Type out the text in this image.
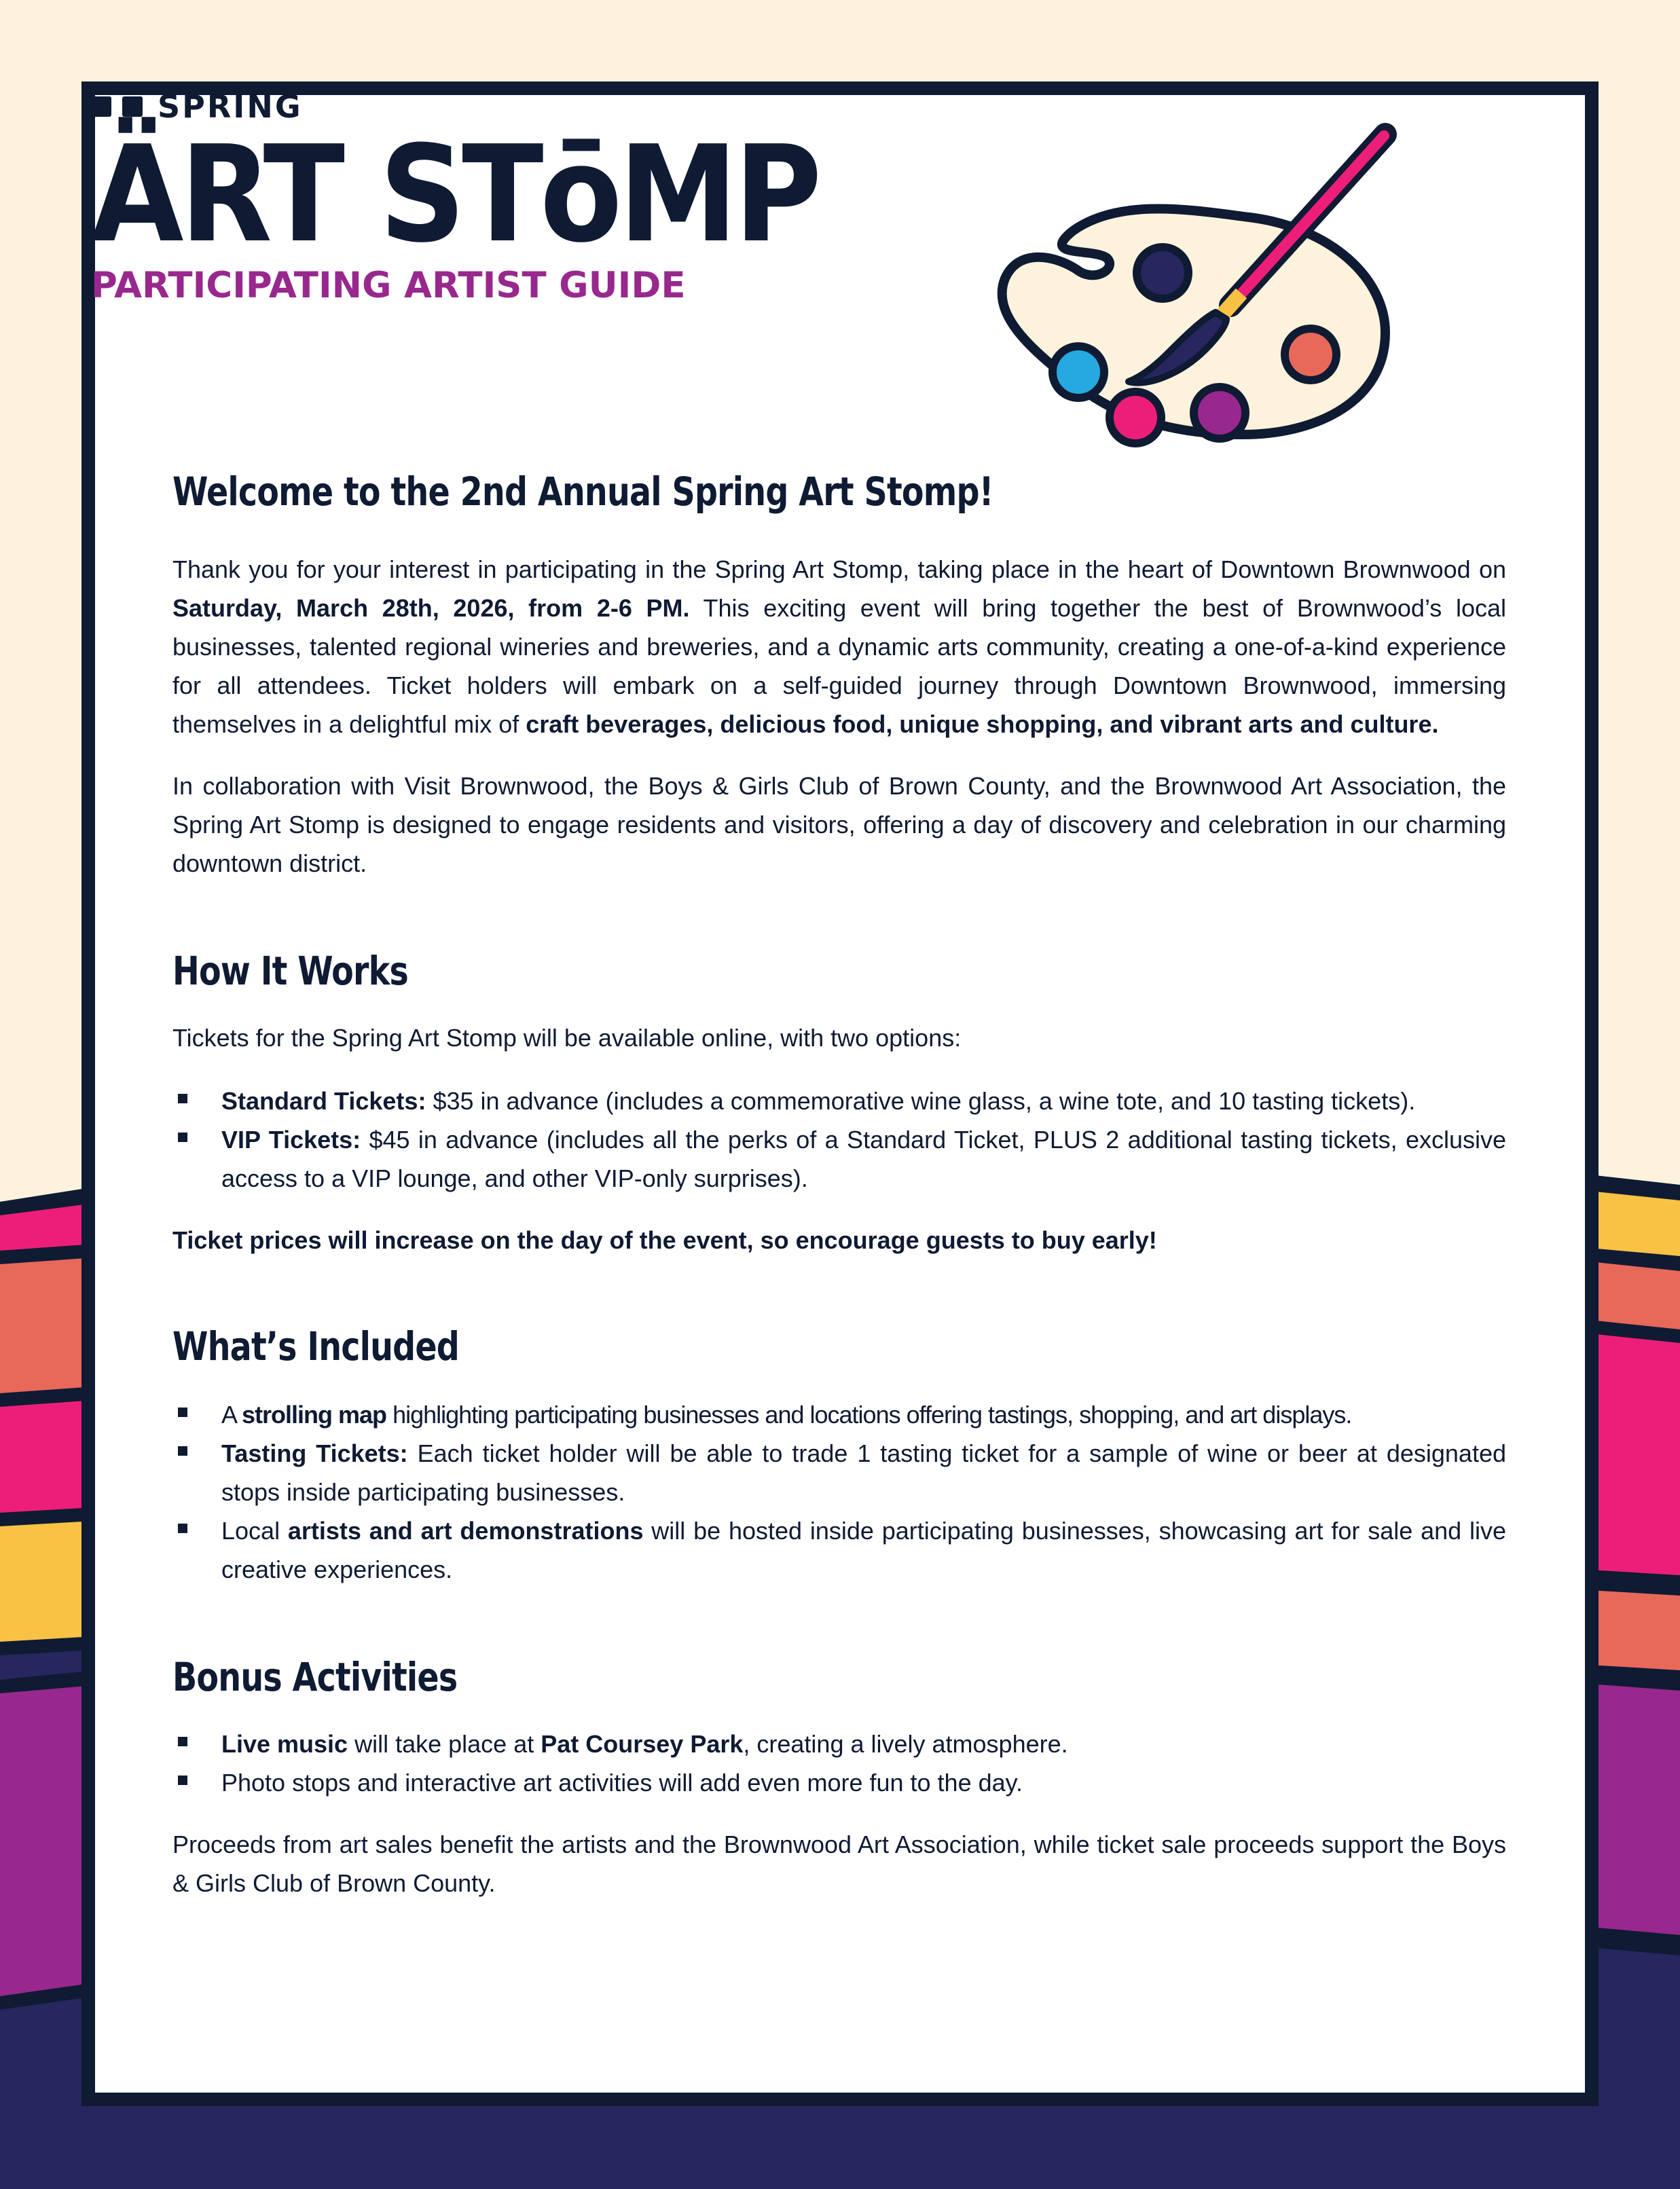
SPRING
ÄRT STōMP
PARTICIPATING ARTIST GUIDE
Welcome to the 2nd Annual Spring Art Stomp!

Thank you for your interest in participating in the Spring Art Stomp, taking place in the heart of Downtown Brownwood on Saturday, March 28th, 2026, from 2-6 PM. This exciting event will bring together the best of Brownwood’s local businesses, talented regional wineries and breweries, and a dynamic arts community, creating a one-of-a-kind experience for all attendees. Ticket holders will embark on a self-guided journey through Downtown Brownwood, immersing themselves in a delightful mix of craft beverages, delicious food, unique shopping, and vibrant arts and culture.

In collaboration with Visit Brownwood, the Boys & Girls Club of Brown County, and the Brownwood Art Association, the Spring Art Stomp is designed to engage residents and visitors, offering a day of discovery and celebration in our charming downtown district.

How It Works

Tickets for the Spring Art Stomp will be available online, with two options:

Standard Tickets: $35 in advance (includes a commemorative wine glass, a wine tote, and 10 tasting tickets).
VIP Tickets: $45 in advance (includes all the perks of a Standard Ticket, PLUS 2 additional tasting tickets, exclusive access to a VIP lounge, and other VIP-only surprises).

Ticket prices will increase on the day of the event, so encourage guests to buy early!

What’s Included
A strolling map highlighting participating businesses and locations offering tastings, shopping, and art displays.
Tasting Tickets: Each ticket holder will be able to trade 1 tasting ticket for a sample of wine or beer at designated stops inside participating businesses.
Local artists and art demonstrations will be hosted inside participating businesses, showcasing art for sale and live creative experiences.
Bonus Activities
Live music will take place at Pat Coursey Park, creating a lively atmosphere.
Photo stops and interactive art activities will add even more fun to the day.

Proceeds from art sales benefit the artists and the Brownwood Art Association, while ticket sale proceeds support the Boys & Girls Club of Brown County.
